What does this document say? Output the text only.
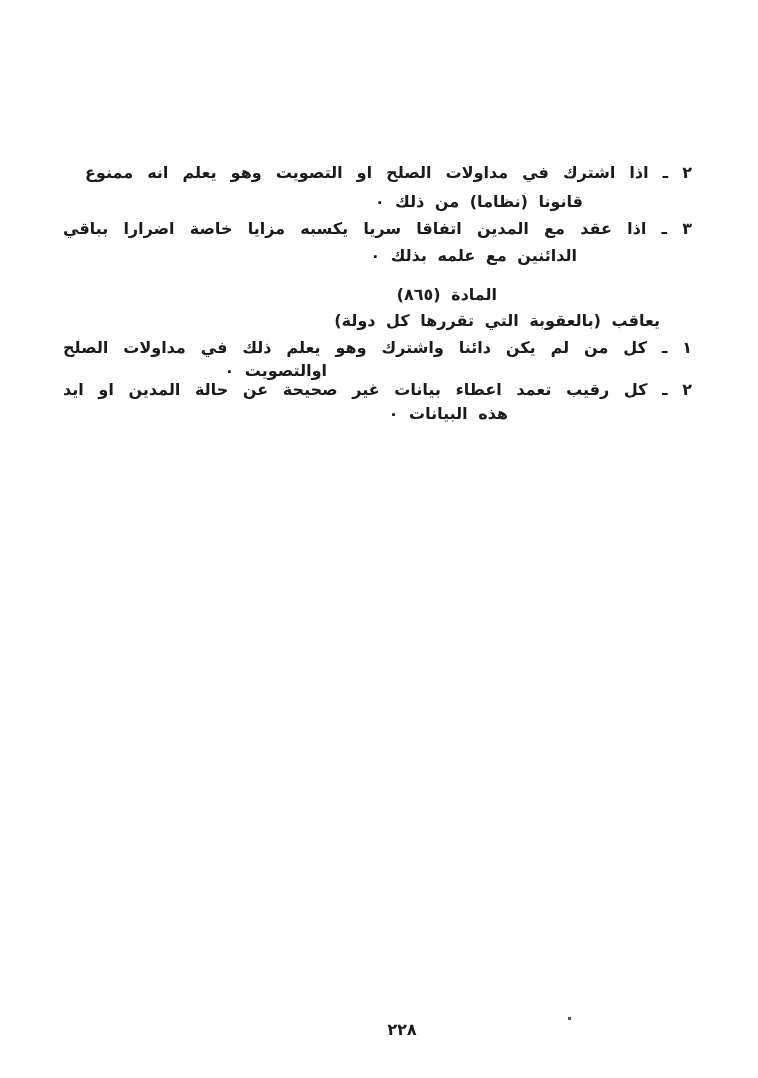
٢ ـ اذا اشترك في مداولات الصلح او التصويت وهو يعلم انه ممنوع
قانونا (نظاما) من ذلك ٠
٣ ـ اذا عقد مع المدين اتفاقا سريا يكسبه مزايا خاصة اضرارا بباقي
الدائنين مع علمه بذلك ٠
المادة (٨٦٥)
يعاقب (بالعقوبة التي تقررها كل دولة)
١ ـ كل من لم يكن دائنا واشترك وهو يعلم ذلك في مداولات الصلح
اوالتصويت ٠
٢ ـ كل رقيب تعمد اعطاء بيانات غير صحيحة عن حالة المدين او ايد
هذه البيانات ٠
٢٢٨
